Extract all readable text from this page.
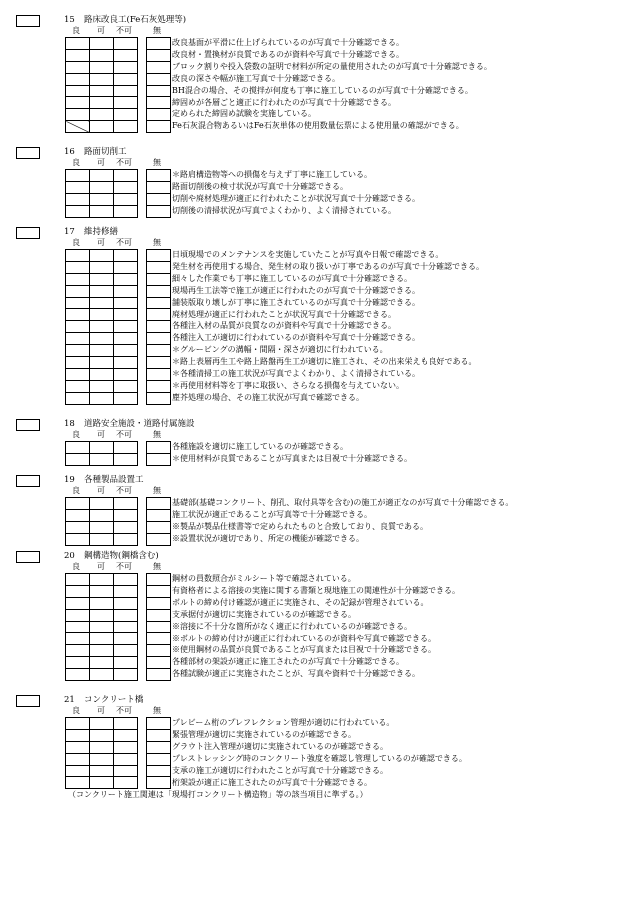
15 路床改良工(Fe石灰処理等)
良 可 不可	無

改良基面が平滑に仕上げられているのが写真で十分確認できる。
改良材・置換材が良質であるのが資料や写真で十分確認できる。
ブロック割りや投入袋数の証明で材料が所定の量使用されたのが写真で十分確認できる。
改良の深さや幅が施工写真で十分確認できる。
BH混合の場合、その撹拌が何度も丁寧に施工しているのが写真で十分確認できる。
締固めが各層ごと適正に行われたのが写真で十分確認できる。
定められた締固め試験を実施している。
Fe石灰混合物あるいはFe石灰単体の使用数量伝票による使用量の確認ができる。
16 路面切削工
良 可 不可	無

＊路肩構造物等への損傷を与えず丁寧に施工している。
路面切削後の検寸状況が写真で十分確認できる。
切削や廃材処理が適正に行われたことが状況写真で十分確認できる。
切削後の清掃状況が写真でよくわかり、よく清掃されている。
17 維持修繕
良 可 不可	無

日頃現場でのメンテナンスを実施していたことが写真や日報で確認できる。
発生材を再使用する場合、発生材の取り扱いが丁寧であるのが写真で十分確認できる。
細々した作業でも丁寧に施工しているのが写真で十分確認できる。
現場再生工法等で施工が適正に行われたのが写真で十分確認できる。
舗装版取り壊しが丁寧に施工されているのが写真で十分確認できる。
廃材処理が適正に行われたことが状況写真で十分確認できる。
各種注入材の品質が良質なのが資料や写真で十分確認できる。
各種注入工が適切に行われているのが資料や写真で十分確認できる。
＊グルービングの溝幅・間隔・深さが適切に行われている。
＊路上表層再生工や路上路盤再生工が適切に施工され、その出来栄えも良好である。
＊各種清掃工の施工状況が写真でよくわかり、よく清掃されている。
＊再使用材料等を丁寧に取扱い、さらなる損傷を与えていない。
塵芥処理の場合、その施工状況が写真で確認できる。
18 道路安全施設・道路付属施設
良 可 不可	無

各種施設を適切に施工しているのが確認できる。
＊使用材料が良質であることが写真または目視で十分確認できる。
19 各種製品設置工
良 可 不可	無

基礎部(基礎コンクリート、削孔、取付具等を含む)の施工が適正なのが写真で十分確認できる。
施工状況が適正であることが写真等で十分確認できる。
※製品が製品仕様書等で定められたものと合致しており、良質である。
※設置状況が適切であり、所定の機能が確認できる。
20 鋼構造物(鋼橋含む)
良 可 不可	無

鋼材の員数照合がミルシート等で確認されている。
有資格者による溶接の実施に関する書類と現地施工の関連性が十分確認できる。
ボルトの締め付け確認が適正に実施され、その記録が管理されている。
支承据付が適切に実施されているのが確認できる。
※溶接に不十分な箇所がなく適正に行われているのが確認できる。
※ボルトの締め付けが適正に行われているのが資料や写真で確認できる。
※使用鋼材の品質が良質であることが写真または目視で十分確認できる。
各種部材の架設が適正に施工されたのが写真で十分確認できる。
各種試験が適正に実施されたことが、写真や資料で十分確認できる。
21 コンクリート橋
良 可 不可	無

プレビーム桁のプレフレクション管理が適切に行われている。
緊張管理が適切に実施されているのが確認できる。
グラウト注入管理が適切に実施されているのが確認できる。
プレストレッシング時のコンクリート強度を確認し管理しているのが確認できる。
支承の施工が適切に行われたことが写真で十分確認できる。
桁架設が適正に施工されたのが写真で十分確認できる。
（コンクリート施工関連は「現場打コンクリート構造物」等の該当項目に準ずる。）
